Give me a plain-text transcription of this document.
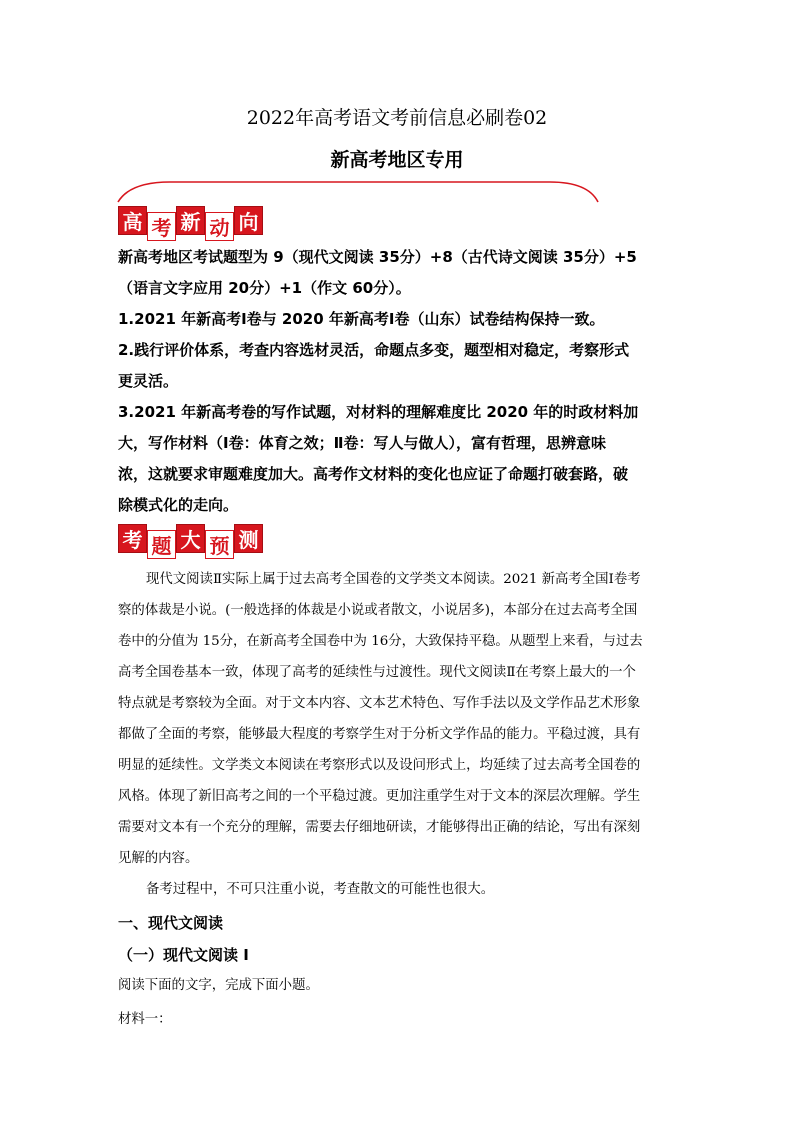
2022年高考语文考前信息必刷卷02
新高考地区专用
高 考 新 动 向
新高考地区考试题型为 9（现代文阅读 35分）+8（古代诗文阅读 35分）+5
（语言文字应用 20分）+1（作文 60分）。
1.2021 年新高考Ⅰ卷与 2020 年新高考Ⅰ卷（山东）试卷结构保持一致。
2.践行评价体系，考查内容选材灵活，命题点多变，题型相对稳定，考察形式
更灵活。
3.2021 年新高考卷的写作试题，对材料的理解难度比 2020 年的时政材料加
大，写作材料（Ⅰ卷：体育之效；Ⅱ卷：写人与做人），富有哲理，思辨意味
浓，这就要求审题难度加大。高考作文材料的变化也应证了命题打破套路，破
除模式化的走向。
考 题 大 预 测
现代文阅读Ⅱ实际上属于过去高考全国卷的文学类文本阅读。2021 新高考全国Ⅰ卷考
察的体裁是小说。(一般选择的体裁是小说或者散文，小说居多)，本部分在过去高考全国
卷中的分值为 15分，在新高考全国卷中为 16分，大致保持平稳。从题型上来看，与过去
高考全国卷基本一致，体现了高考的延续性与过渡性。现代文阅读Ⅱ在考察上最大的一个
特点就是考察较为全面。对于文本内容、文本艺术特色、写作手法以及文学作品艺术形象
都做了全面的考察，能够最大程度的考察学生对于分析文学作品的能力。平稳过渡，具有
明显的延续性。文学类文本阅读在考察形式以及设问形式上，均延续了过去高考全国卷的
风格。体现了新旧高考之间的一个平稳过渡。更加注重学生对于文本的深层次理解。学生
需要对文本有一个充分的理解，需要去仔细地研读，才能够得出正确的结论，写出有深刻
见解的内容。
备考过程中，不可只注重小说，考查散文的可能性也很大。
一、现代文阅读
（一）现代文阅读 I
阅读下面的文字，完成下面小题。
材料一：
